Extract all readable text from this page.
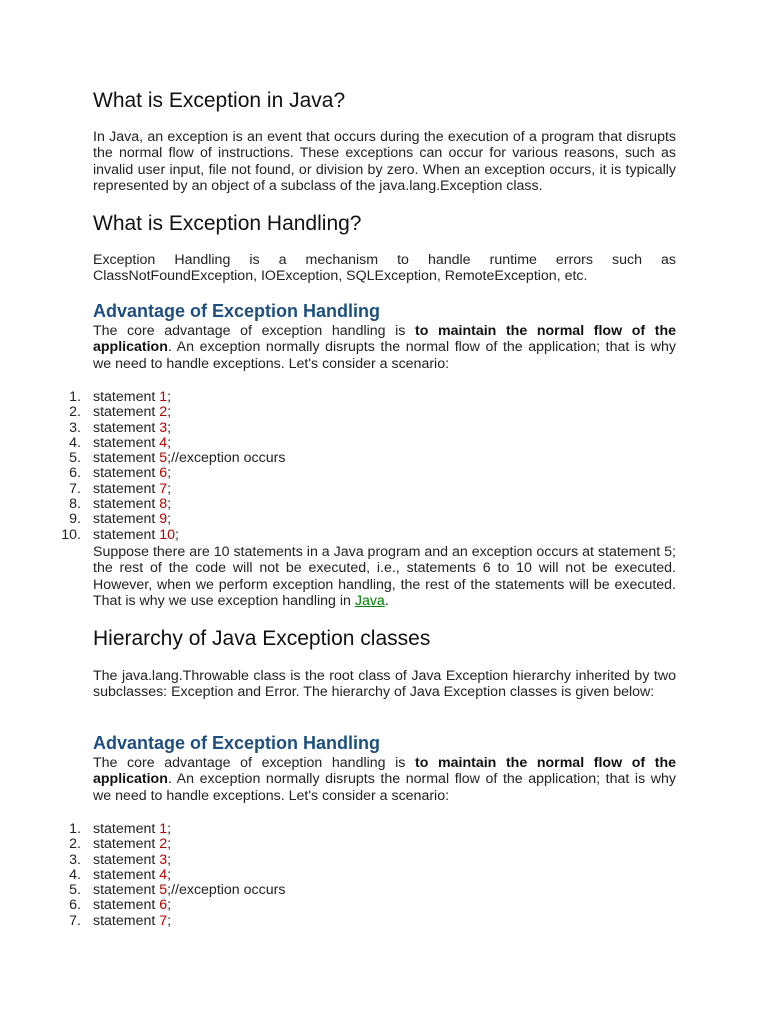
What is Exception in Java?

In Java, an exception is an event that occurs during the execution of a program that disrupts the normal flow of instructions. These exceptions can occur for various reasons, such as invalid user input, file not found, or division by zero. When an exception occurs, it is typically represented by an object of a subclass of the java.lang.Exception class.

What is Exception Handling?

Exception Handling is a mechanism to handle runtime errors such as ClassNotFoundException, IOException, SQLException, RemoteException, etc.

Advantage of Exception Handling

The core advantage of exception handling is to maintain the normal flow of the application. An exception normally disrupts the normal flow of the application; that is why we need to handle exceptions. Let's consider a scenario:

1. statement 1;
2. statement 2;
3. statement 3;
4. statement 4;
5. statement 5;//exception occurs
6. statement 6;
7. statement 7;
8. statement 8;
9. statement 9;
10. statement 10;

Suppose there are 10 statements in a Java program and an exception occurs at statement 5; the rest of the code will not be executed, i.e., statements 6 to 10 will not be executed. However, when we perform exception handling, the rest of the statements will be executed. That is why we use exception handling in Java.

Hierarchy of Java Exception classes

The java.lang.Throwable class is the root class of Java Exception hierarchy inherited by two subclasses: Exception and Error. The hierarchy of Java Exception classes is given below:

Advantage of Exception Handling

The core advantage of exception handling is to maintain the normal flow of the application. An exception normally disrupts the normal flow of the application; that is why we need to handle exceptions. Let's consider a scenario:

1. statement 1;
2. statement 2;
3. statement 3;
4. statement 4;
5. statement 5;//exception occurs
6. statement 6;
7. statement 7;
